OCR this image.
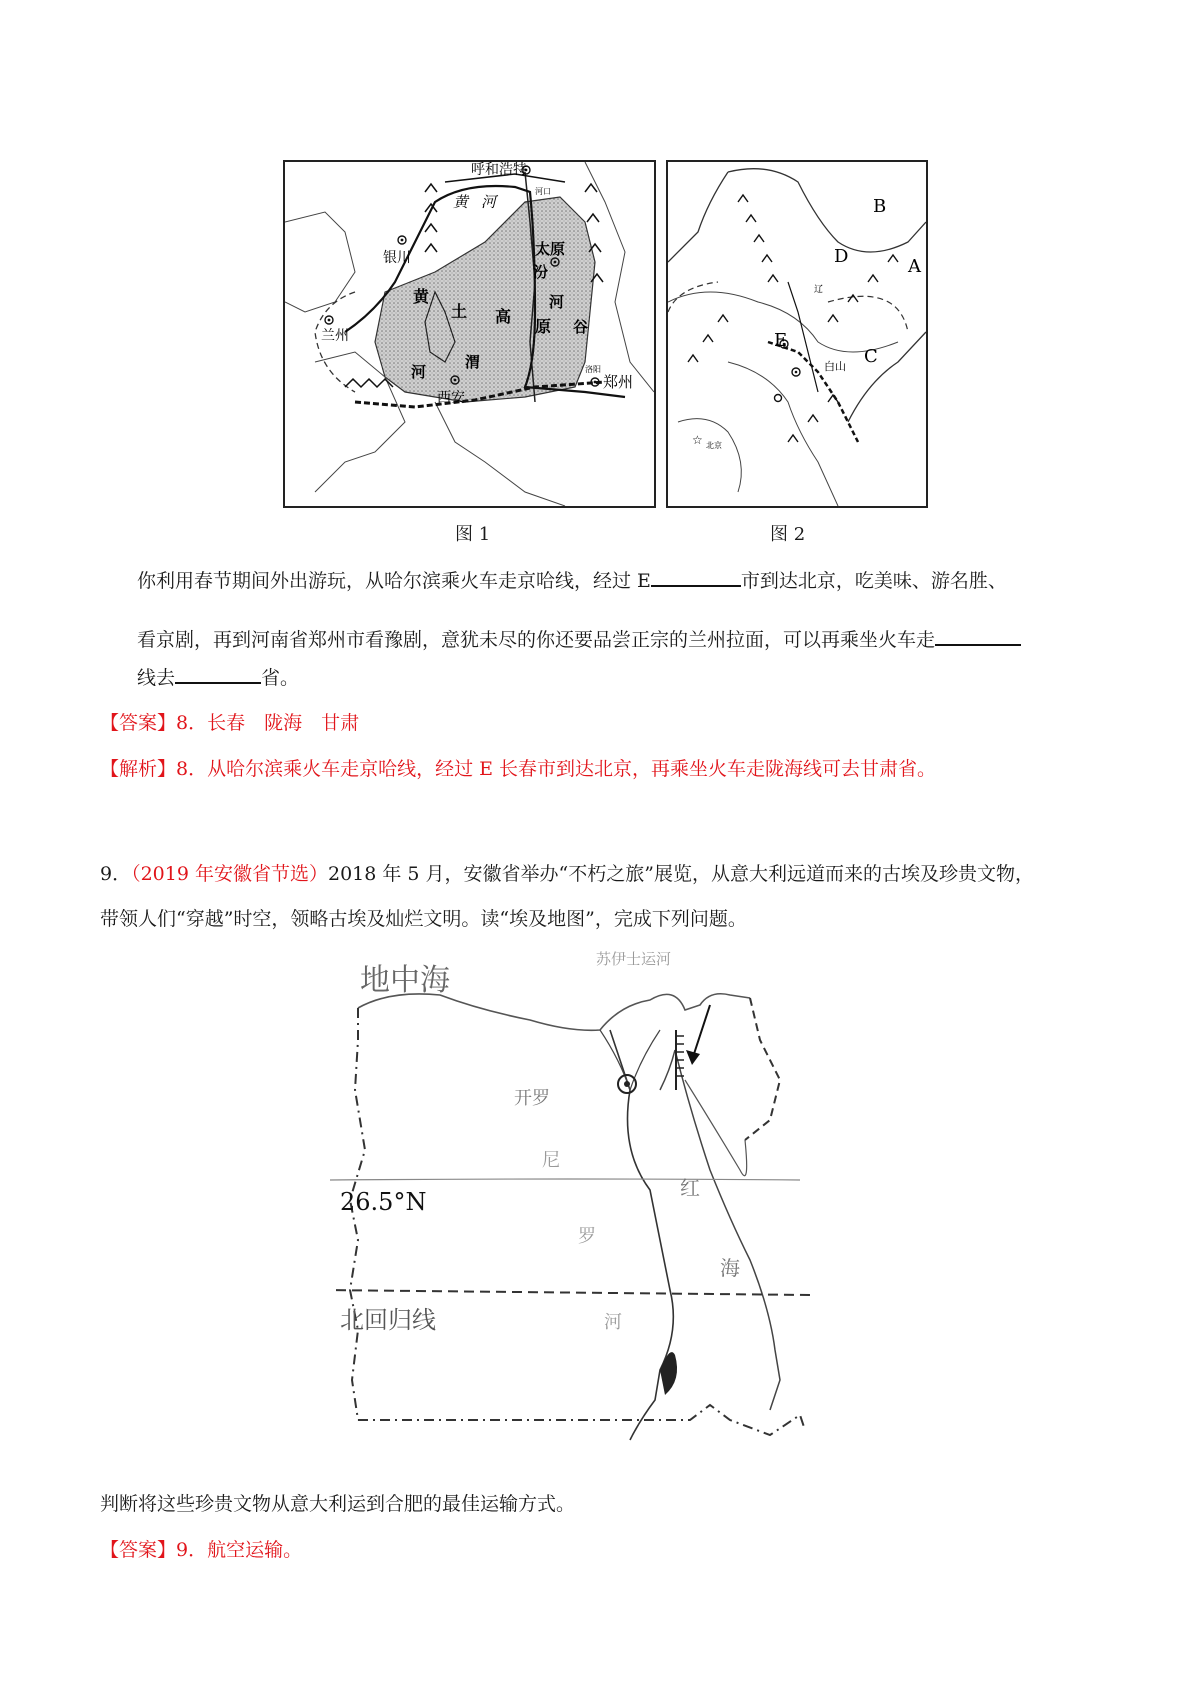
呼和浩特
河口
黄 河
银川	太原
汾
河
谷
黄
土 高
原
兰州
渭
河
西安
郑州
洛阳
图 1
☆
B
D	A
E
C
白山
北京
辽
图 2
你利用春节期间外出游玩，从哈尔滨乘火车走京哈线，经过 E	市到达北京，吃美味、游名胜、
看京剧，再到河南省郑州市看豫剧，意犹未尽的你还要品尝正宗的兰州拉面，可以再乘坐火车走
线去	省。
【答案】8．长春　陇海　甘肃
【解析】8．从哈尔滨乘火车走京哈线，经过 E 长春市到达北京，再乘坐火车走陇海线可去甘肃省。
9．（2019 年安徽省节选）2018 年 5 月，安徽省举办“不朽之旅”展览，从意大利远道而来的古埃及珍贵文物，
带领人们“穿越”时空，领略古埃及灿烂文明。读“埃及地图”，完成下列问题。
地中海
苏伊士运河
开罗
尼
罗
河
红
海
26.5°N
北回归线
判断将这些珍贵文物从意大利运到合肥的最佳运输方式。
【答案】9．航空运输。
